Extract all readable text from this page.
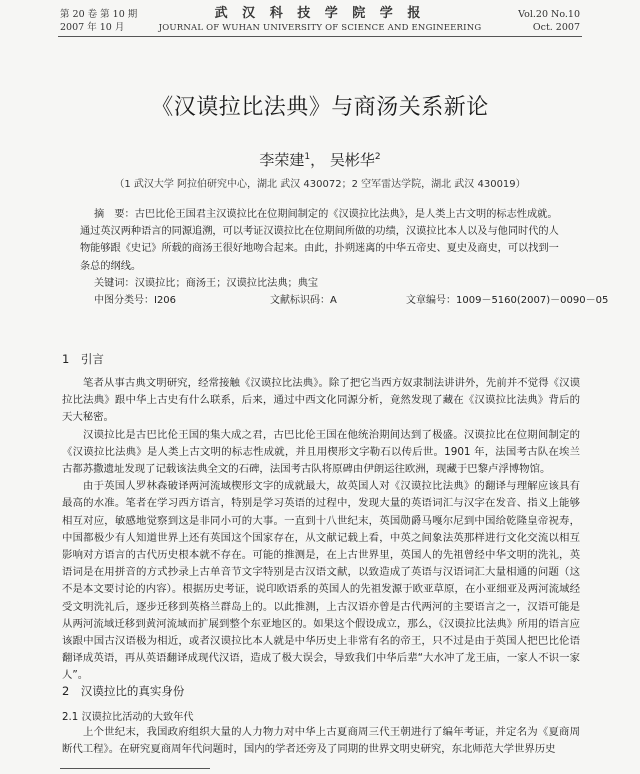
第 20 卷 第 10 期
2007 年 10 月
武 汉 科 技 学 院 学 报
JOURNAL OF WUHAN UNIVERSITY OF SCIENCE AND ENGINEERING
Vol.20 No.10
Oct. 2007
《汉谟拉比法典》与商汤关系新论
李荣建$^1$， 吴彬华$^2$
（1 武汉大学 阿拉伯研究中心，湖北 武汉 430072；2 空军雷达学院，湖北 武汉 430019）

摘　要：古巴比伦王国君主汉谟拉比在位期间制定的《汉谟拉比法典》，是人类上古文明的标志性成就。通过英汉两种语言的同源追溯，可以考证汉谟拉比在位期间所做的功绩，汉谟拉比本人以及与他同时代的人物能够跟《史记》所载的商汤王很好地吻合起来。由此，扑朔迷离的中华五帝史、夏史及商史，可以找到一条总的纲线。

关键词：汉谟拉比；商汤王；汉谟拉比法典；典宝

中图分类号：I206	文献标识码：A	文章编号：1009－5160(2007)－0090－05
1　引言

笔者从事古典文明研究，经常接触《汉谟拉比法典》。除了把它当西方奴隶制法讲讲外，先前并不觉得《汉谟拉比法典》跟中华上古史有什么联系，后来，通过中西文化同源分析，竟然发现了藏在《汉谟拉比法典》背后的天大秘密。

汉谟拉比是古巴比伦王国的集大成之君，古巴比伦王国在他统治期间达到了极盛。汉谟拉比在位期间制定的《汉谟拉比法典》是人类上古文明的标志性成就，并且用楔形文字勒石以传后世。1901 年，法国考古队在埃兰古都苏撒遗址发现了记载该法典全文的石碑，法国考古队将原碑由伊朗运往欧洲，现藏于巴黎卢浮博物馆。

由于英国人罗林森破译两河流域楔形文字的成就最大，故英国人对《汉谟拉比法典》的翻译与理解应该具有最高的水准。笔者在学习西方语言，特别是学习英语的过程中，发现大量的英语词汇与汉字在发音、指义上能够相互对应，敏感地觉察到这是非同小可的大事。一直到十八世纪末，英国勋爵马嘎尔尼到中国给乾隆皇帝祝寿，中国都极少有人知道世界上还有英国这个国家存在，从文献记载上看，中英之间象法英那样进行文化交流以相互影响对方语言的古代历史根本就不存在。可能的推测是，在上古世界里，英国人的先祖曾经中华文明的洗礼，英语词是在用拼音的方式抄录上古单音节文字特别是古汉语文献，以致造成了英语与汉语词汇大量相通的问题（这不是本文要讨论的内容）。根据历史考证，说印欧语系的英国人的先祖发源于欧亚草原，在小亚细亚及两河流域经受文明洗礼后，逐步迁移到英格兰群岛上的。以此推测，上古汉语亦曾是古代两河的主要语言之一，汉语可能是从两河流域迁移到黄河流域而扩展到整个东亚地区的。如果这个假设成立，那么，《汉谟拉比法典》所用的语言应该跟中国古汉语极为相近，或者汉谟拉比本人就是中华历史上非常有名的帝王，只不过是由于英国人把巴比伦语翻译成英语，再从英语翻译成现代汉语，造成了极大误会，导致我们中华后辈“大水冲了龙王庙，一家人不识一家人”。

2　汉谟拉比的真实身份
2.1 汉谟拉比活动的大致年代

上个世纪末，我国政府组织大量的人力物力对中华上古夏商周三代王朝进行了编年考证，并定名为《夏商周断代工程》。在研究夏商周年代问题时，国内的学者还旁及了同期的世界文明史研究，东北师范大学世界历史
